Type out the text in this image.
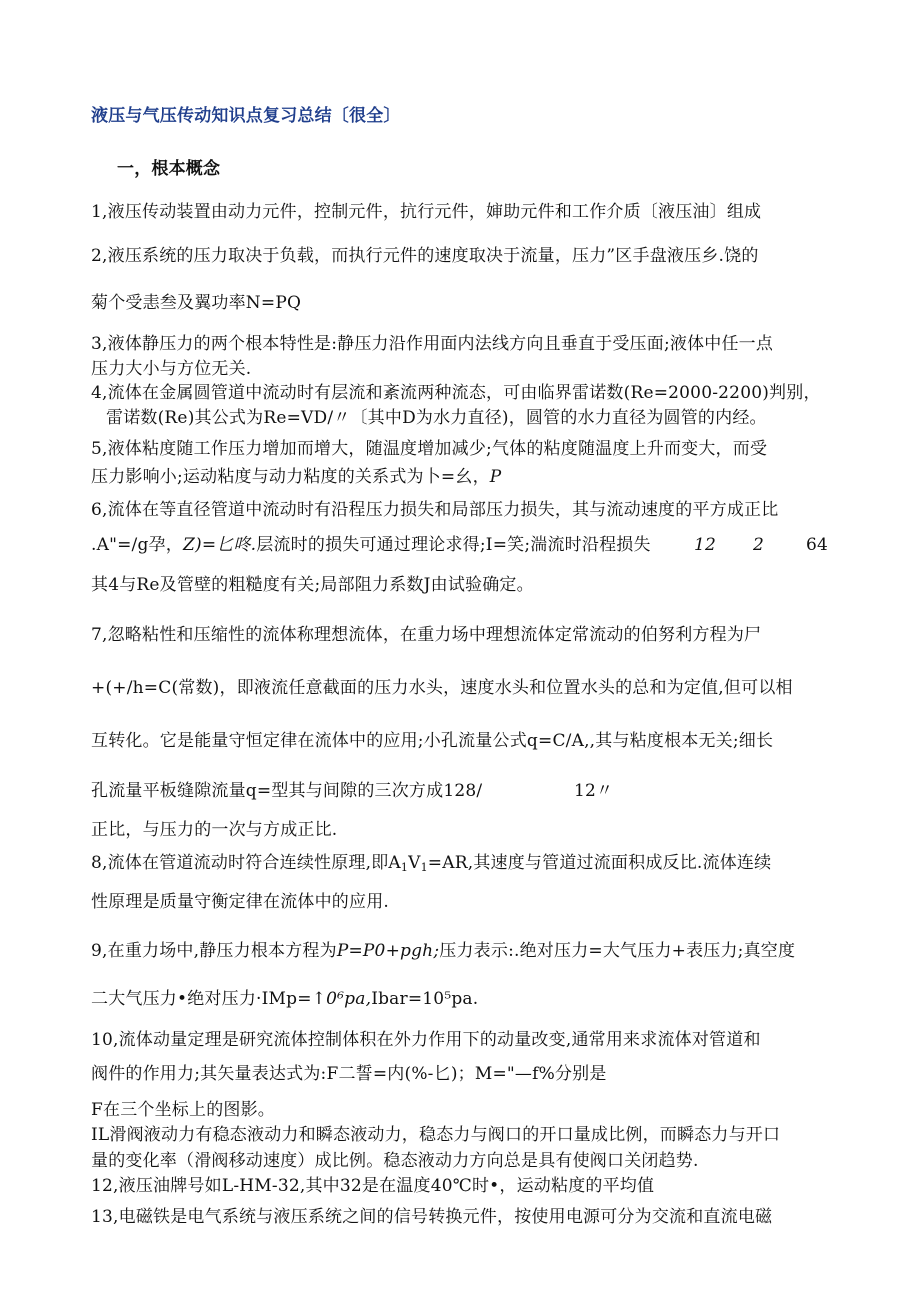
液压与气压传动知识点复习总结〔很全〕
一，根本概念
1,液压传动装置由动力元件，控制元件，抗行元件，婶助元件和工作介质〔液压油〕组成
2,液压系统的压力取决于负载，而执行元件的速度取决于流量，压力”区手盘液压乡.饶的
菊个受恚叁及翼功率N=PQ
3,液体静压力的两个根本特性是:静压力沿作用面内法线方向且垂直于受压面;液体中任一点
压力大小与方位无关.
4,流体在金属圆管道中流动时有层流和紊流两种流态，可由临界雷诺数(Re=2000-2200)判别，
雷诺数(Re)其公式为Re=VD/〃〔其中D为水力直径)，圆管的水力直径为圆管的内经。
5,液体粘度随工作压力增加而增大，随温度增加减少;气体的粘度随温度上升而变大，而受
压力影响小;运动粘度与动力粘度的关系式为卜=幺，P
6,流体在等直径管道中流动时有沿程压力损失和局部压力损失，其与流动速度的平方成正比
.A"=/g孕，Z)=匕咚.层流时的损失可通过理论求得;I=笑;湍流时沿程损失	12 2 64
其4与Re及管壁的粗糙度有关;局部阻力系数J由试验确定。
7,忽略粘性和压缩性的流体称理想流体，在重力场中理想流体定常流动的伯努利方程为尸
+(+/h=C(常数)，即液流任意截面的压力水头，速度水头和位置水头的总和为定值,但可以相
互转化。它是能量守恒定律在流体中的应用;小孔流量公式q=C/A,,其与粘度根本无关;细长
孔流量平板缝隙流量q=型其与间隙的三次方成128/	12〃
正比，与压力的一次与方成正比.
8,流体在管道流动时符合连续性原理,即$A_1V_1=AR$,其速度与管道过流面积成反比.流体连续
性原理是质量守衡定律在流体中的应用.
9,在重力场中,静压力根本方程为P=P0+pgh;压力表示:.绝对压力=大气压力+表压力;真空度
二大气压力•绝对压力·IMp=↑0⁶pa,Ibar=10⁵pa.
10,流体动量定理是研究流体控制体积在外力作用下的动量改变,通常用来求流体对管道和
阀件的作用力;其矢量表达式为:F二誓=内(%-匕)；M="—f%分别是
F在三个坐标上的图影。
IL滑阀液动力有稳态液动力和瞬态液动力，稳态力与阀口的开口量成比例，而瞬态力与开口
量的变化率（滑阀移动速度）成比例。稳态液动力方向总是具有使阀口关闭趋势.
12,液压油牌号如L-HM-32,其中32是在温度40℃时•，运动粘度的平均值
13,电磁铁是电气系统与液压系统之间的信号转换元件，按使用电源可分为交流和直流电磁
